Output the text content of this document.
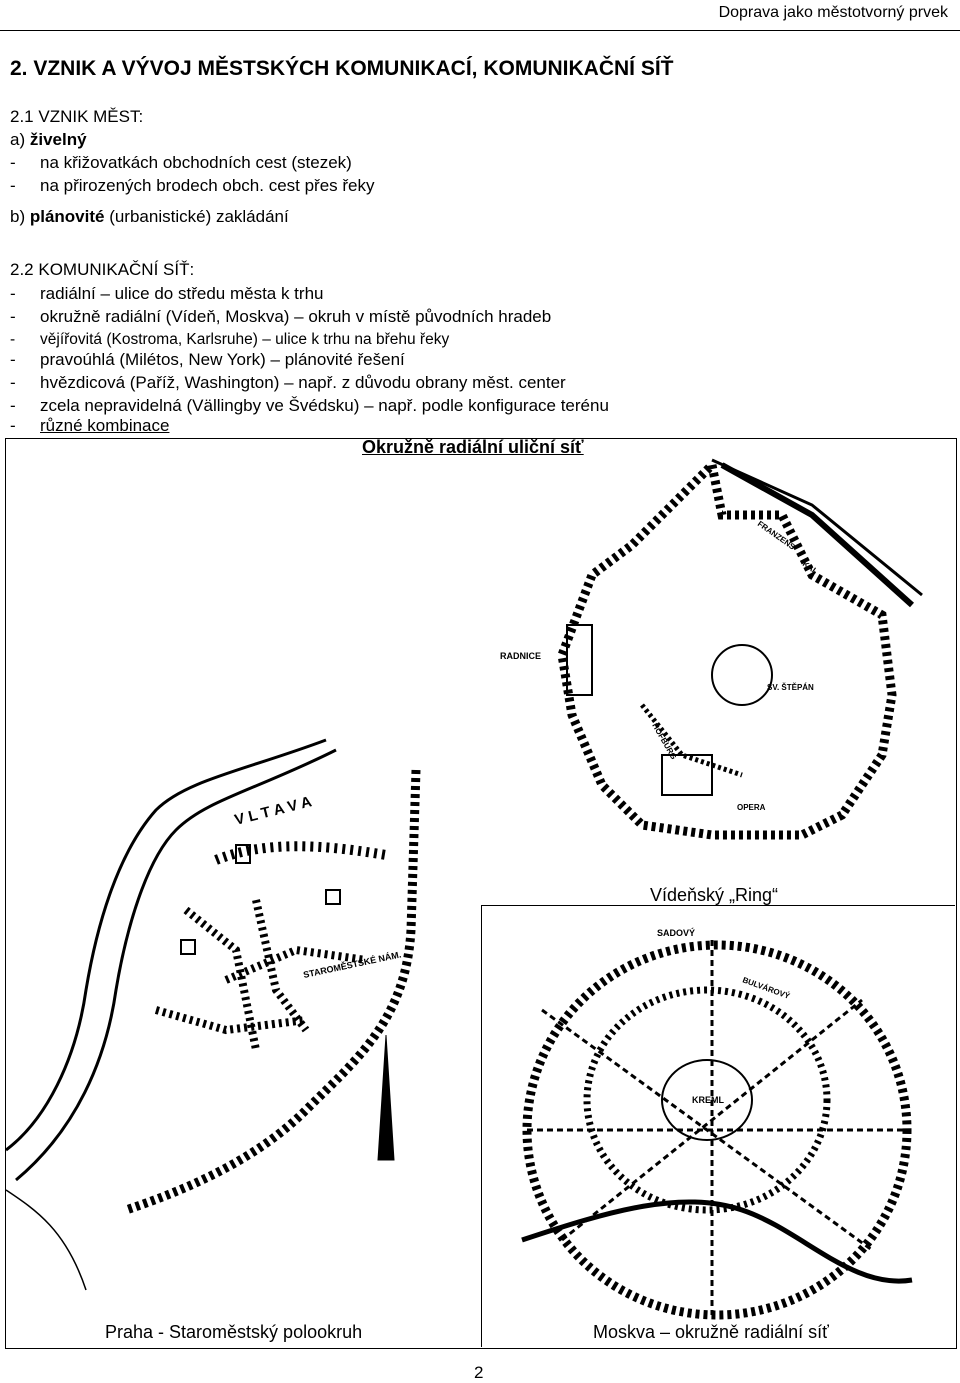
Doprava jako městotvorný prvek
2. VZNIK A VÝVOJ MĚSTSKÝCH KOMUNIKACÍ, KOMUNIKAČNÍ SÍŤ
2.1 VZNIK MĚST:
a) živelný
- na křižovatkách obchodních cest (stezek)
- na přirozených brodech obch. cest přes řeky
b) plánovité (urbanistické) zakládání
2.2 KOMUNIKAČNÍ SÍŤ:
- radiální – ulice do středu města k trhu
- okružně radiální (Vídeň, Moskva) – okruh v místě původních hradeb
- vějířovitá (Kostroma, Karlsruhe) – ulice k trhu na břehu řeky
- pravoúhlá (Milétos, New York) – plánovité řešení
- hvězdicová (Paříž, Washington) – např. z důvodu obrany měst. center
- zcela nepravidelná (Vällingby ve Švédsku) – např. podle konfigurace terénu
- různé kombinace
Okružně radiální uliční síť
V L T A V A
STAROMĚSTSKÉ NÁM.
RADNICE
SV. ŠTĚPÁN
HOFBURG
OPERA
FRANZENS
KAI
KREML
SADOVÝ
BULVÁROVÝ
Vídeňský „Ring“
Praha - Staroměstský polookruh	Moskva – okružně radiální síť
2
